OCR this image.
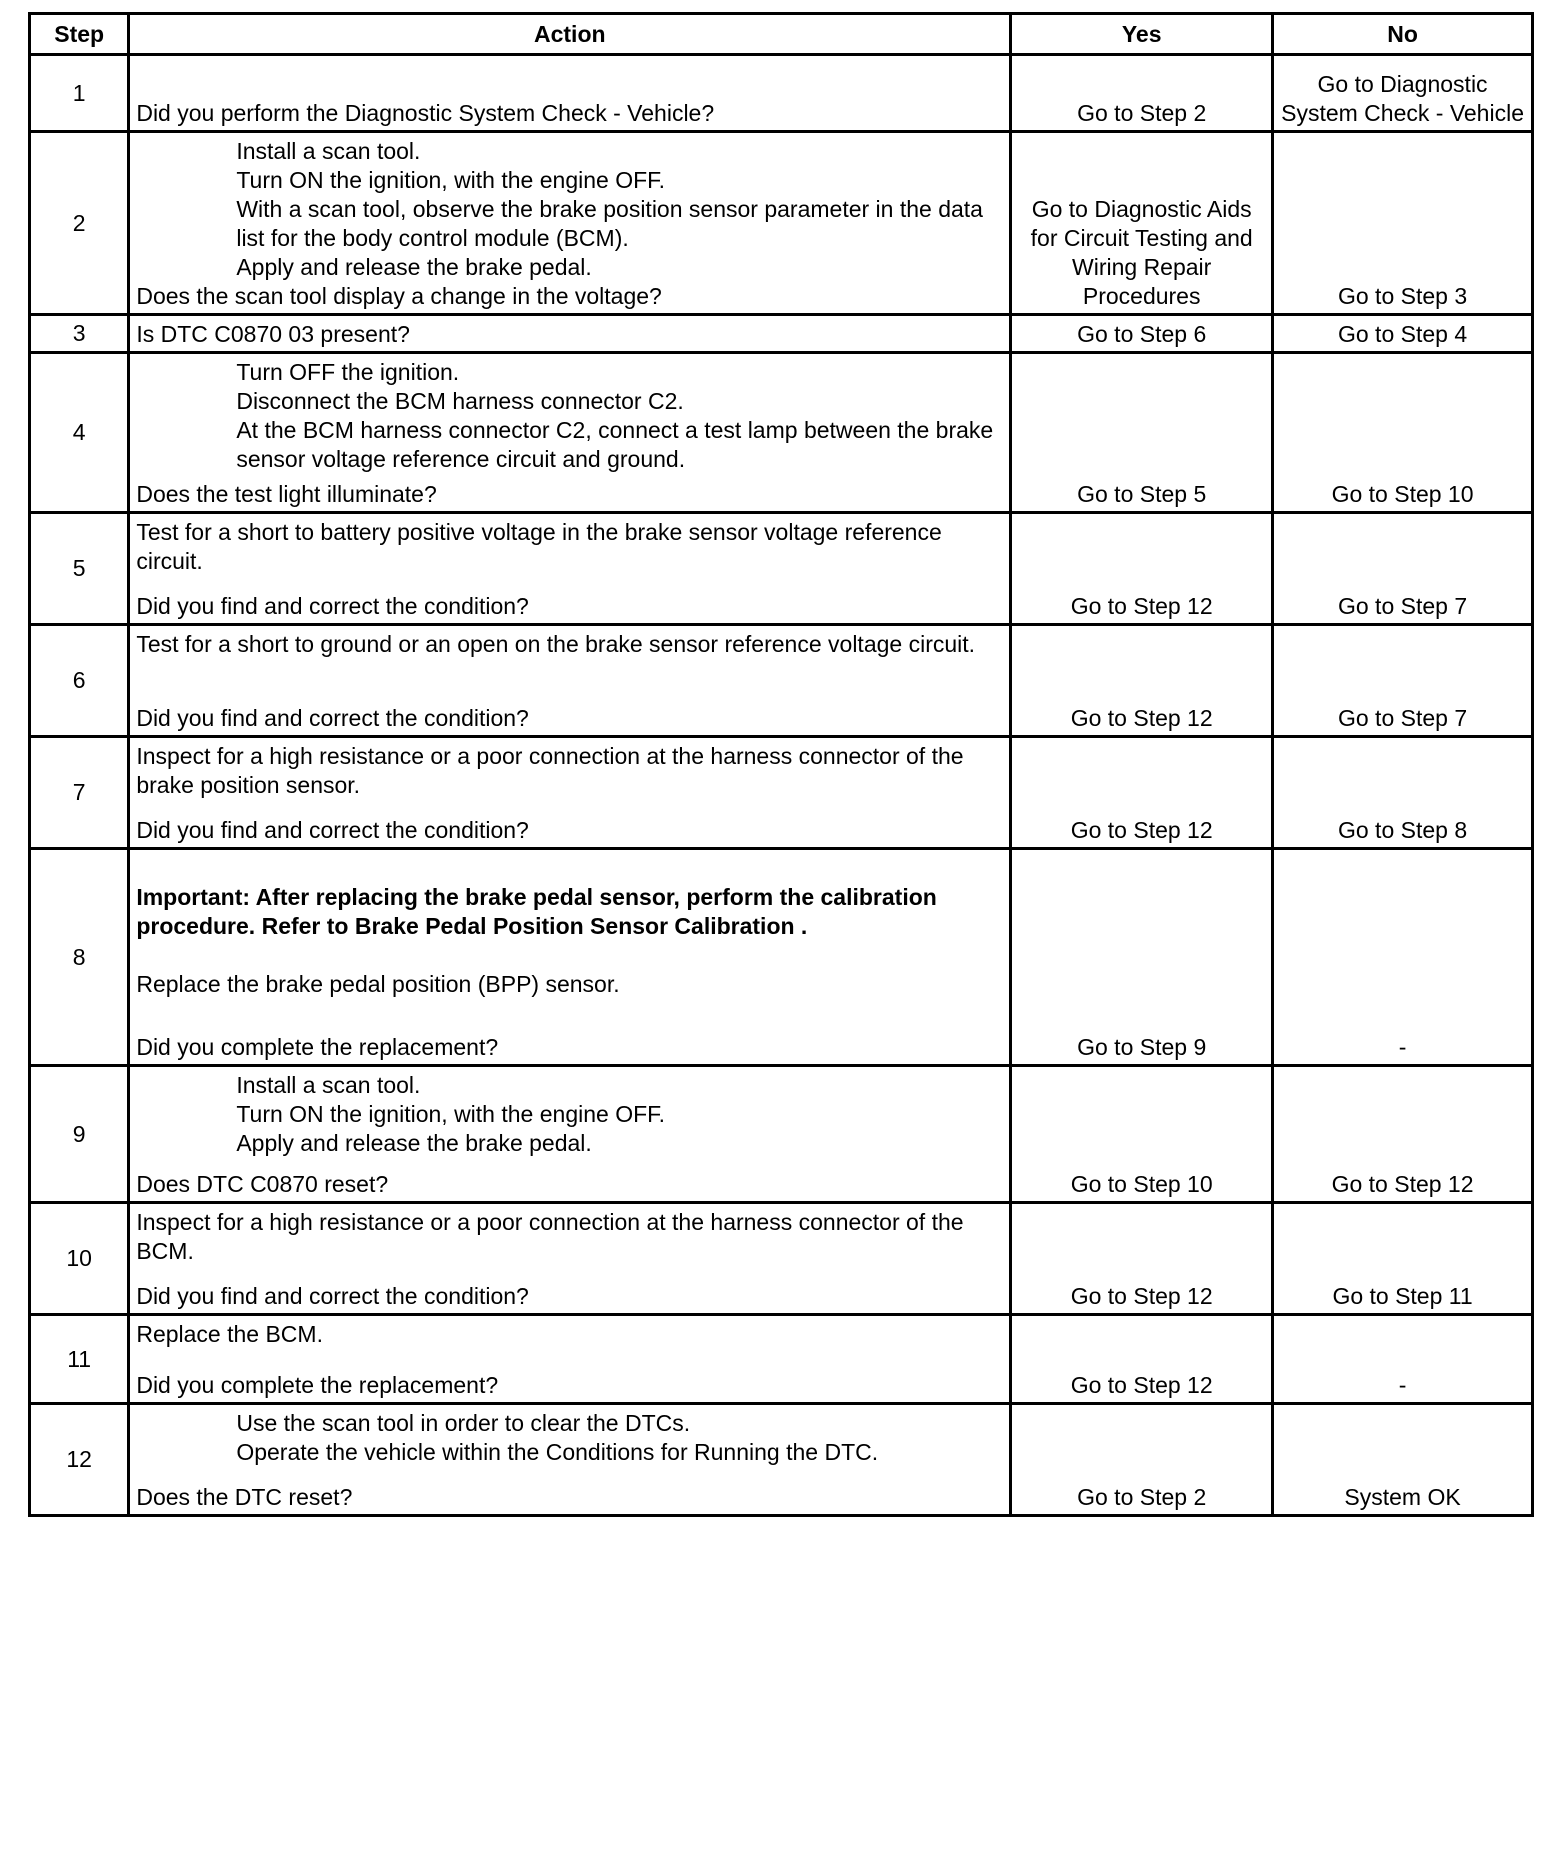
Step	Action	Yes	No
1	Did you perform the Diagnostic System Check - Vehicle?	Go to Step 2	Go to Diagnostic System Check - Vehicle
2	Install a scan tool.

Turn ON the ignition, with the engine OFF.

With a scan tool, observe the brake position sensor parameter in the data list for the body control module (BCM).

Apply and release the brake pedal.

Does the scan tool display a change in the voltage?	Go to Diagnostic Aids for Circuit Testing and Wiring Repair Procedures	Go to Step 3
3	Is DTC C0870 03 present?	Go to Step 6	Go to Step 4
4	Turn OFF the ignition.

Disconnect the BCM harness connector C2.

At the BCM harness connector C2, connect a test lamp between the brake sensor voltage reference circuit and ground.

Does the test light illuminate?	Go to Step 5	Go to Step 10
5	Test for a short to battery positive voltage in the brake sensor voltage reference circuit.

Did you find and correct the condition?	Go to Step 12	Go to Step 7
6	Test for a short to ground or an open on the brake sensor reference voltage circuit.

Did you find and correct the condition?	Go to Step 12	Go to Step 7
7	Inspect for a high resistance or a poor connection at the harness connector of the brake position sensor.

Did you find and correct the condition?	Go to Step 12	Go to Step 8
8	Important: After replacing the brake pedal sensor, perform the calibration procedure. Refer to Brake Pedal Position Sensor Calibration .

Replace the brake pedal position (BPP) sensor.

Did you complete the replacement?	Go to Step 9	-
9	Install a scan tool.

Turn ON the ignition, with the engine OFF.

Apply and release the brake pedal.

Does DTC C0870 reset?	Go to Step 10	Go to Step 12
10	Inspect for a high resistance or a poor connection at the harness connector of the BCM.

Did you find and correct the condition?	Go to Step 12	Go to Step 11
11	Replace the BCM.

Did you complete the replacement?	Go to Step 12	-
12	Use the scan tool in order to clear the DTCs.

Operate the vehicle within the Conditions for Running the DTC.

Does the DTC reset?	Go to Step 2	System OK
